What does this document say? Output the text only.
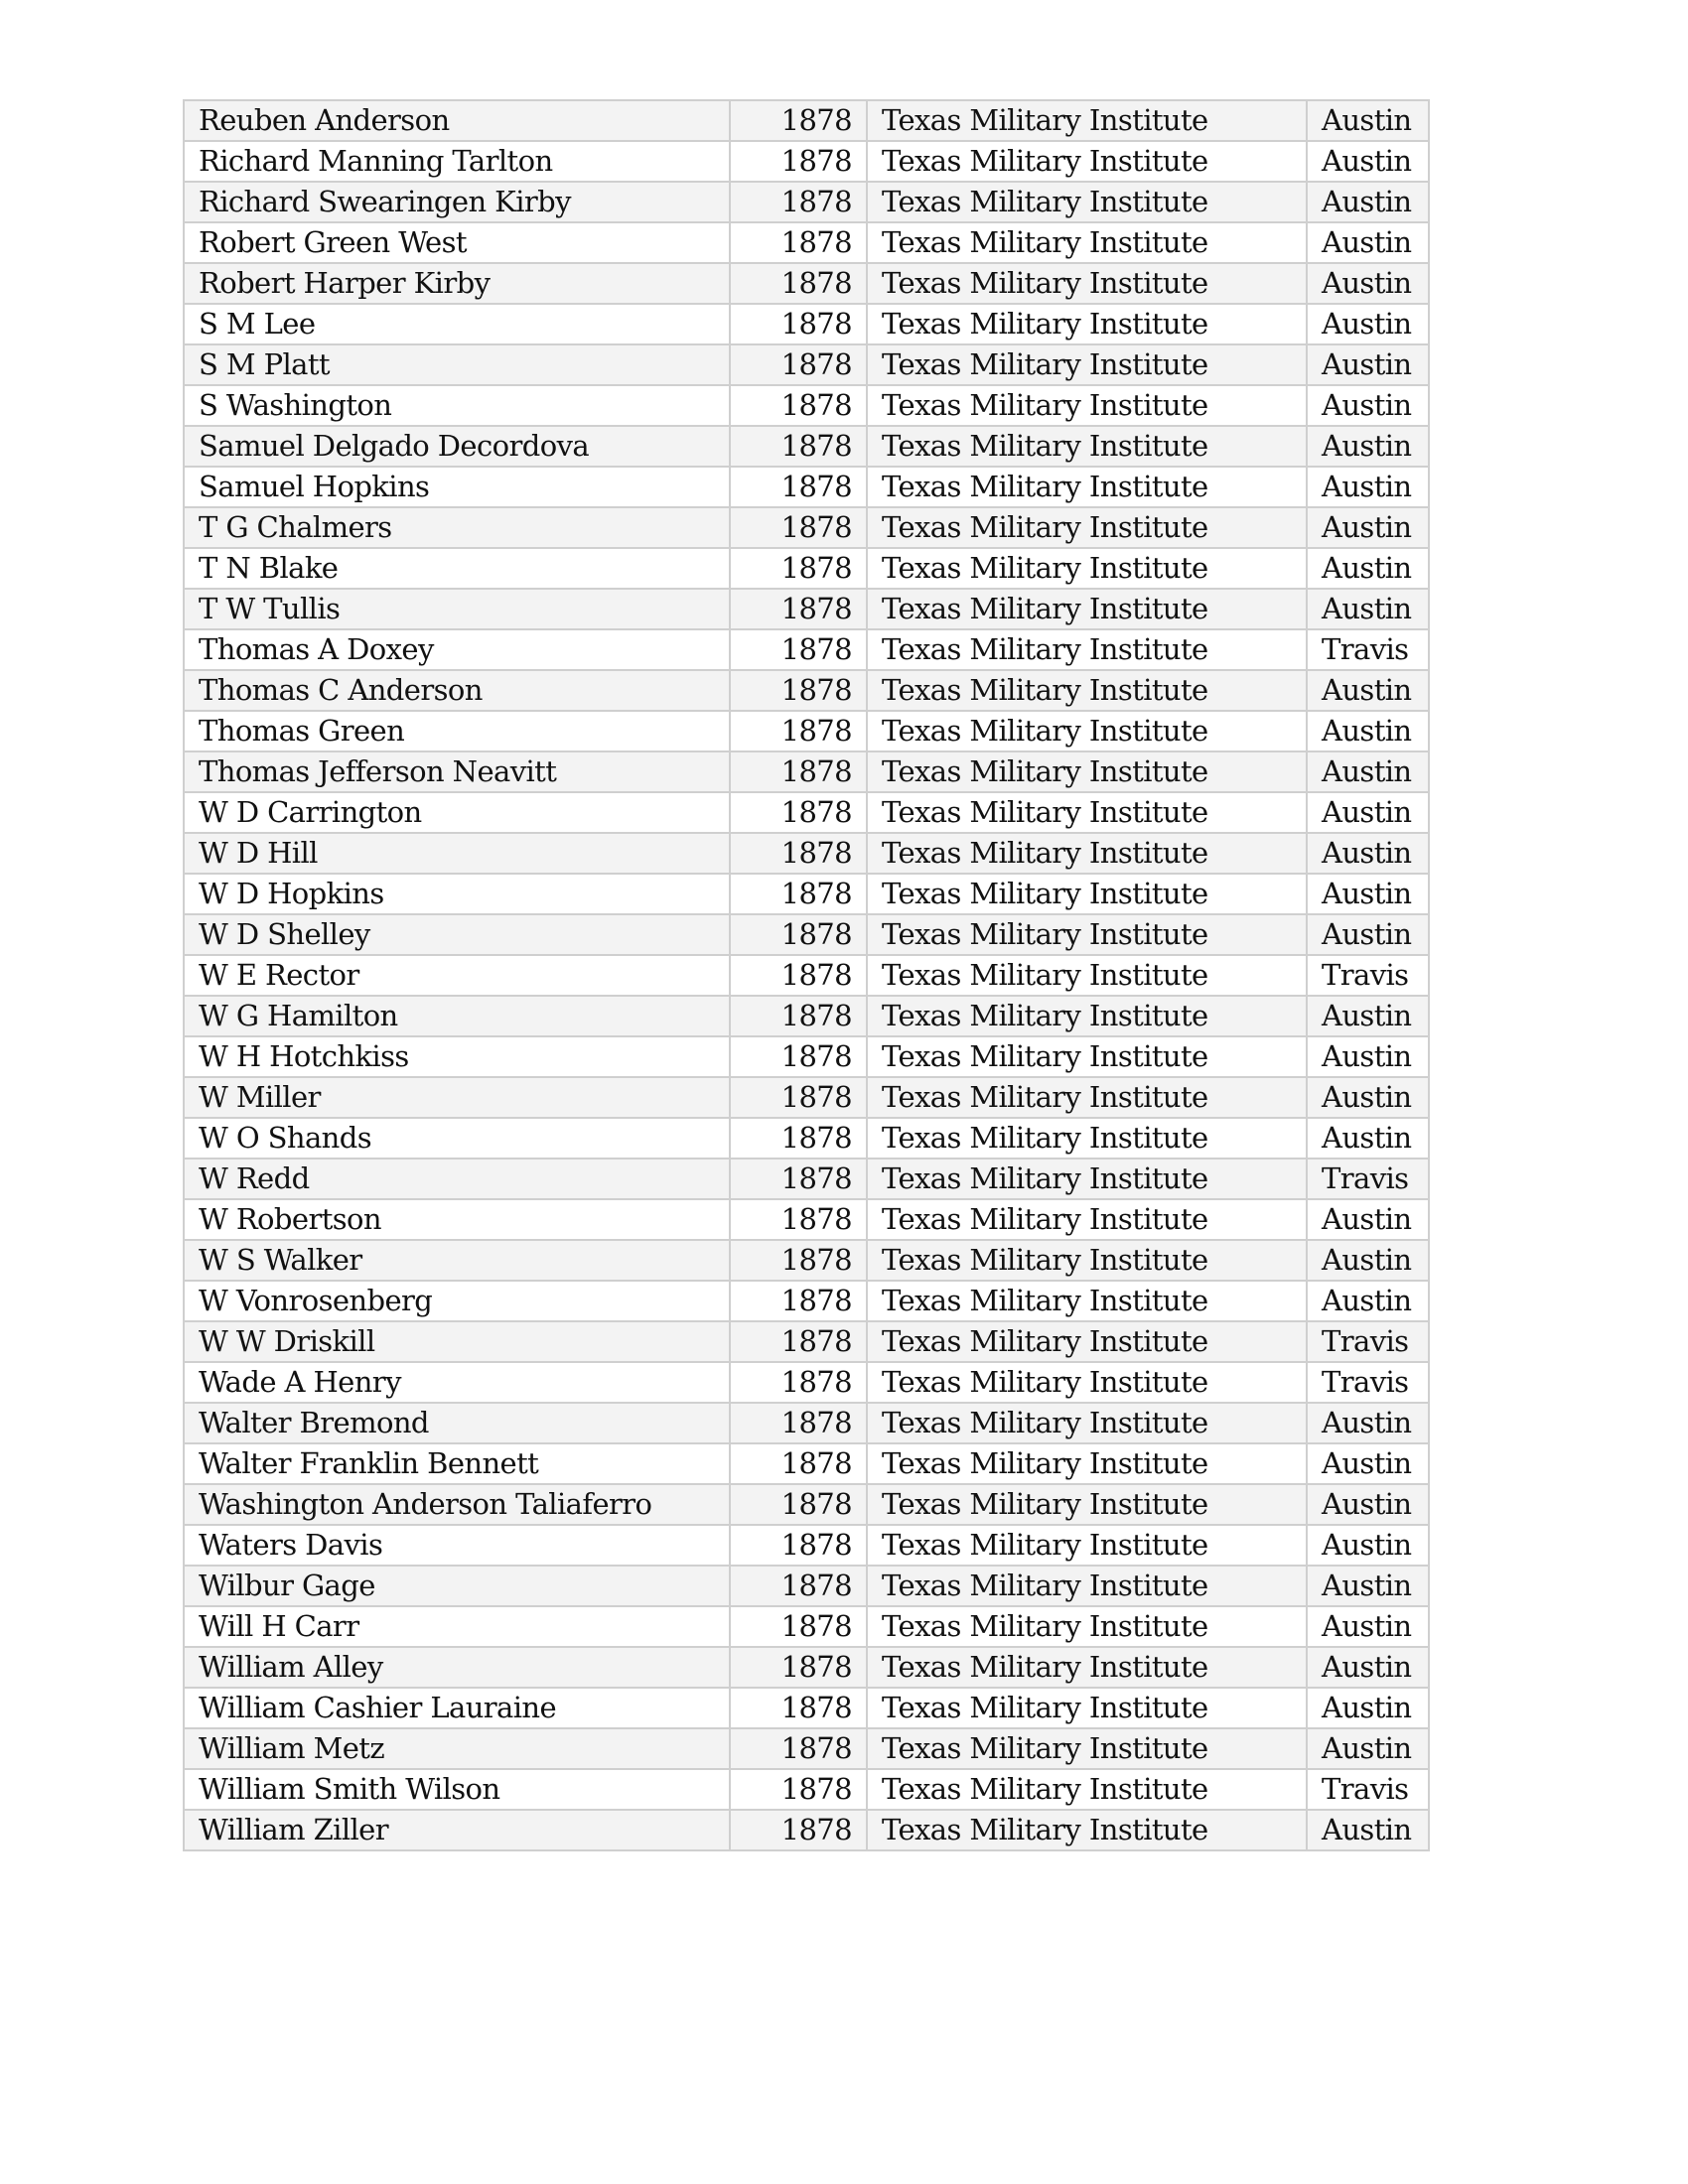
Reuben Anderson	1878	Texas Military Institute	Austin
Richard Manning Tarlton	1878	Texas Military Institute	Austin
Richard Swearingen Kirby	1878	Texas Military Institute	Austin
Robert Green West	1878	Texas Military Institute	Austin
Robert Harper Kirby	1878	Texas Military Institute	Austin
S M Lee	1878	Texas Military Institute	Austin
S M Platt	1878	Texas Military Institute	Austin
S Washington	1878	Texas Military Institute	Austin
Samuel Delgado Decordova	1878	Texas Military Institute	Austin
Samuel Hopkins	1878	Texas Military Institute	Austin
T G Chalmers	1878	Texas Military Institute	Austin
T N Blake	1878	Texas Military Institute	Austin
T W Tullis	1878	Texas Military Institute	Austin
Thomas A Doxey	1878	Texas Military Institute	Travis
Thomas C Anderson	1878	Texas Military Institute	Austin
Thomas Green	1878	Texas Military Institute	Austin
Thomas Jefferson Neavitt	1878	Texas Military Institute	Austin
W D Carrington	1878	Texas Military Institute	Austin
W D Hill	1878	Texas Military Institute	Austin
W D Hopkins	1878	Texas Military Institute	Austin
W D Shelley	1878	Texas Military Institute	Austin
W E Rector	1878	Texas Military Institute	Travis
W G Hamilton	1878	Texas Military Institute	Austin
W H Hotchkiss	1878	Texas Military Institute	Austin
W Miller	1878	Texas Military Institute	Austin
W O Shands	1878	Texas Military Institute	Austin
W Redd	1878	Texas Military Institute	Travis
W Robertson	1878	Texas Military Institute	Austin
W S Walker	1878	Texas Military Institute	Austin
W Vonrosenberg	1878	Texas Military Institute	Austin
W W Driskill	1878	Texas Military Institute	Travis
Wade A Henry	1878	Texas Military Institute	Travis
Walter Bremond	1878	Texas Military Institute	Austin
Walter Franklin Bennett	1878	Texas Military Institute	Austin
Washington Anderson Taliaferro	1878	Texas Military Institute	Austin
Waters Davis	1878	Texas Military Institute	Austin
Wilbur Gage	1878	Texas Military Institute	Austin
Will H Carr	1878	Texas Military Institute	Austin
William Alley	1878	Texas Military Institute	Austin
William Cashier Lauraine	1878	Texas Military Institute	Austin
William Metz	1878	Texas Military Institute	Austin
William Smith Wilson	1878	Texas Military Institute	Travis
William Ziller	1878	Texas Military Institute	Austin
